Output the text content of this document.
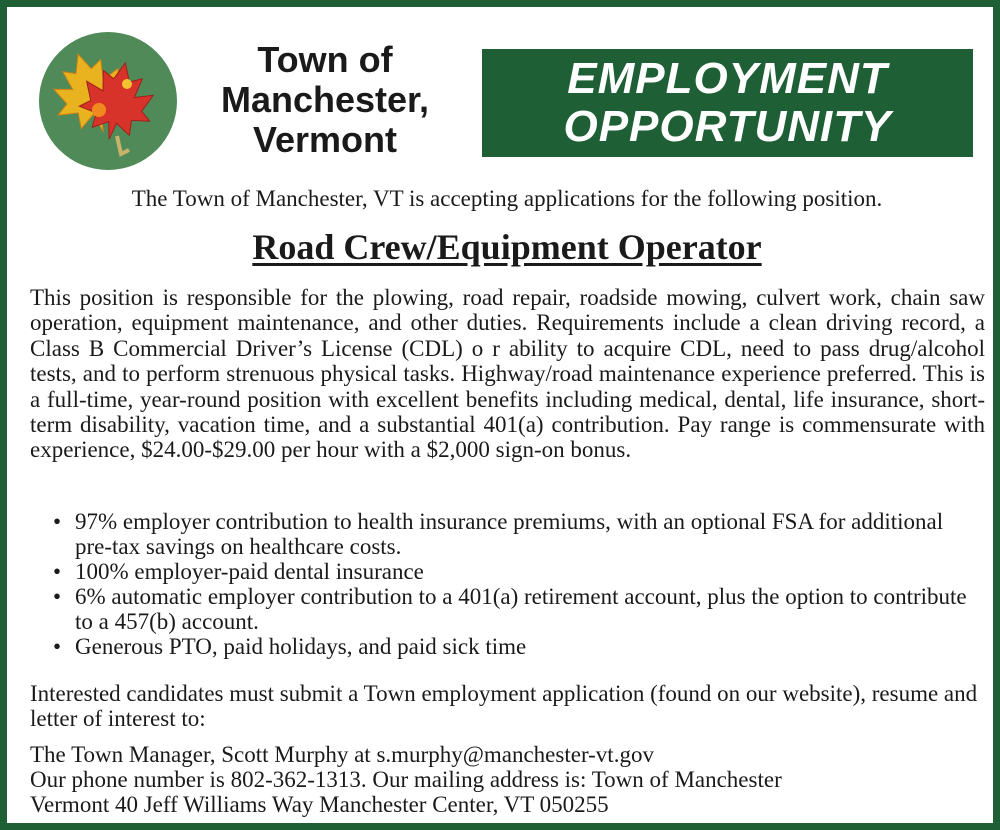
Town of
Manchester,
Vermont
EMPLOYMENT
OPPORTUNITY
The Town of Manchester, VT is accepting applications for the following position.
Road Crew/Equipment Operator

This position is responsible for the plowing, road repair, roadside mowing, culvert work, chain saw operation, equipment maintenance, and other duties. Requirements include a clean driving record, a Class B Commercial Driver’s License (CDL) o r ability to acquire CDL, need to pass drug/alcohol tests, and to perform strenuous physical tasks. Highway/road maintenance experience preferred. This is a full-time, year-round position with excellent benefits including medical, dental, life insurance, short-term disability, vacation time, and a substantial 401(a) contribution. Pay range is commensurate with experience, $24.00-$29.00 per hour with a $2,000 sign-on bonus.

• 97% employer contribution to health insurance premiums, with an optional FSA for additional pre-tax savings on healthcare costs.
• 100% employer-paid dental insurance
• 6% automatic employer contribution to a 401(a) retirement account, plus the option to contribute to a 457(b) account.
• Generous PTO, paid holidays, and paid sick time

Interested candidates must submit a Town employment application (found on our website), resume and letter of interest to:

The Town Manager, Scott Murphy at s.murphy@manchester-vt.gov
Our phone number is 802-362-1313. Our mailing address is: Town of Manchester
Vermont 40 Jeff Williams Way Manchester Center, VT 050255
